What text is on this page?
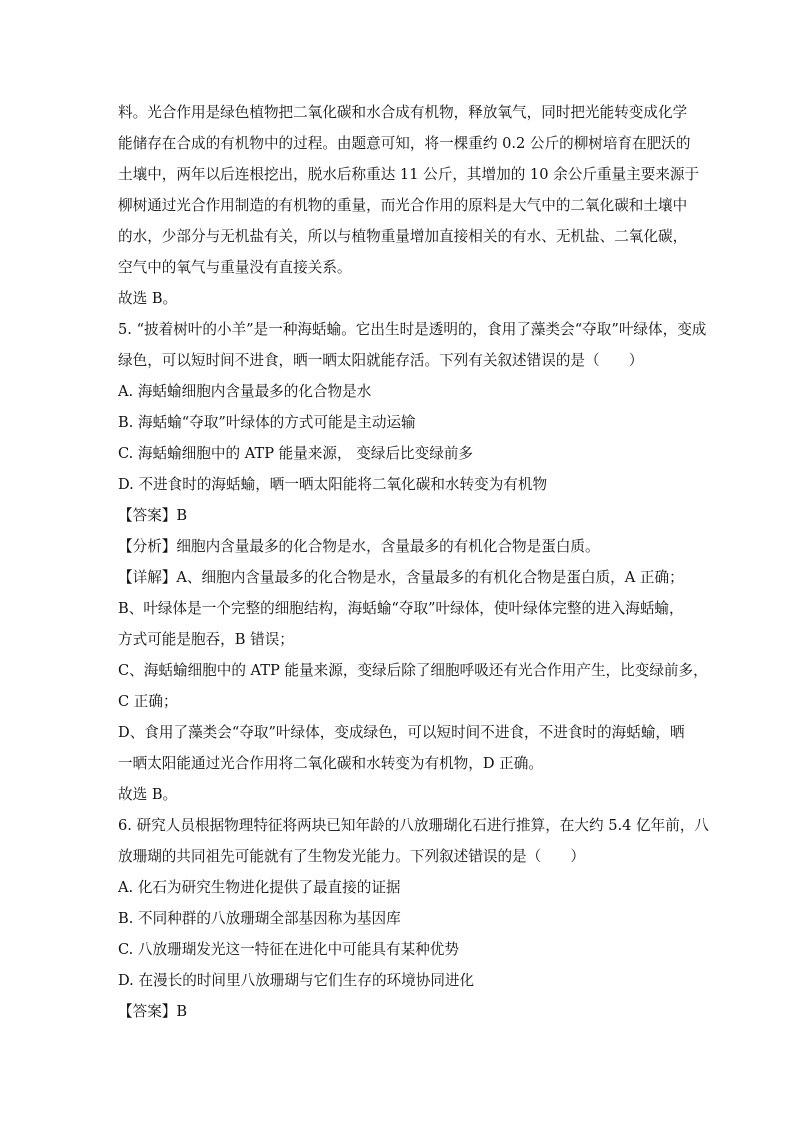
料。光合作用是绿色植物把二氧化碳和水合成有机物，释放氧气，同时把光能转变成化学
能储存在合成的有机物中的过程。由题意可知，将一棵重约 0.2 公斤的柳树培育在肥沃的
土壤中，两年以后连根挖出，脱水后称重达 11 公斤，其增加的 10 余公斤重量主要来源于
柳树通过光合作用制造的有机物的重量，而光合作用的原料是大气中的二氧化碳和土壤中
的水，少部分与无机盐有关，所以与植物重量增加直接相关的有水、无机盐、二氧化碳，
空气中的氧气与重量没有直接关系。
故选 B。
5. “披着树叶的小羊”是一种海蛞蝓。它出生时是透明的，食用了藻类会“夺取”叶绿体，变成
绿色，可以短时间不进食，晒一晒太阳就能存活。下列有关叙述错误的是（　　）
A. 海蛞蝓细胞内含量最多的化合物是水
B. 海蛞蝓“夺取”叶绿体的方式可能是主动运输
C. 海蛞蝓细胞中的 ATP 能量来源， 变绿后比变绿前多
D. 不进食时的海蛞蝓，晒一晒太阳能将二氧化碳和水转变为有机物
【答案】B
【分析】细胞内含量最多的化合物是水，含量最多的有机化合物是蛋白质。
【详解】A、细胞内含量最多的化合物是水，含量最多的有机化合物是蛋白质，A 正确；
B、叶绿体是一个完整的细胞结构，海蛞蝓“夺取”叶绿体，使叶绿体完整的进入海蛞蝓，
方式可能是胞吞，B 错误；
C、海蛞蝓细胞中的 ATP 能量来源，变绿后除了细胞呼吸还有光合作用产生，比变绿前多，
C 正确；
D、食用了藻类会“夺取”叶绿体，变成绿色，可以短时间不进食，不进食时的海蛞蝓，晒
一晒太阳能通过光合作用将二氧化碳和水转变为有机物，D 正确。
故选 B。
6. 研究人员根据物理特征将两块已知年龄的八放珊瑚化石进行推算，在大约 5.4 亿年前，八
放珊瑚的共同祖先可能就有了生物发光能力。下列叙述错误的是（　　）
A. 化石为研究生物进化提供了最直接的证据
B. 不同种群的八放珊瑚全部基因称为基因库
C. 八放珊瑚发光这一特征在进化中可能具有某种优势
D. 在漫长的时间里八放珊瑚与它们生存的环境协同进化
【答案】B
